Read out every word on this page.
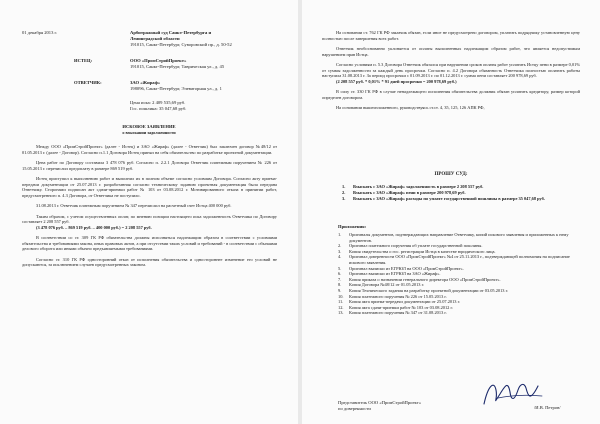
01 декабря 2013 г.	Арбитражный суд Санкт-Петербурга и
Ленинградской области
191015, Санкт-Петербург, Суворовский пр., д. 50-52
ИСТЕЦ:	ООО «ПромСтройПроект»
191015, Санкт-Петербург, Таврическая ул., д. 45
ОТВЕТЧИК:	ЗАО «Жираф»
198096, Санкт-Петербург, Элеваторная ул., д. 1
Цена иска: 2 409 535,69 руб.
Гос. пошлина: 35 047,68 руб.
ИСКОВОЕ ЗАЯВЛЕНИЕ
о взыскании задолженности

Между ООО «ПромСтройПроект» (далее - Истец) и ЗАО «Жираф» (далее - Ответчик) был заключен договор №48/12 от 01.05.2013 г. (далее - Договор). Согласно п.1.1 Договора Истец принял на себя обязательство по разработке проектной документации.

Цена работ по Договору составила 3 478 076 руб. Согласно п. 2.2.1 Договора Ответчик платежным поручением № 226 от 15.05.2013 г. перечислил предоплату в размере 869 519 руб.

Истец приступил к выполнению работ и выполнил их в полном объеме согласно условиям Договора. Согласно акту приема-передачи документации от 25.07.2013 г. разработанная согласно техническому заданию проектная документация была передана Ответчику. Сторонами подписан акт сдачи-приемки работ № 103 от 03.08.2012 г. Мотивированного отказа в принятии работ, предусмотренного п. 4.3 Договора, от Ответчика не поступило.

31.08.2013 г. Ответчик платежным поручением № 347 перечислил на расчетный счет Истца 400 000 руб.

Таким образом, с учетом осуществленных оплат, по мнению позиции настоящего иска задолженность Ответчика по Договору составляет 2 208 557 руб.

(3 478 076 руб. – 869 519 руб. – 400 000 руб.) = 2 208 557 руб.

В соответствии со ст. 309 ГК РФ обязательства должны исполняться надлежащим образом в соответствии с условиями обязательства и требованиями закона, иных правовых актов, а при отсутствии таких условий и требований - в соответствии с обычаями делового оборота или иными обычно предъявляемыми требованиями.

Согласно ст. 310 ГК РФ односторонний отказ от исполнения обязательства и одностороннее изменение его условий не допускаются, за исключением случаев предусмотренных законом.

На основании ст. 762 ГК РФ заказчик обязан, если иное не предусмотрено договором, уплатить подрядчику установленную цену полностью после завершения всех работ.

Ответчик необоснованно уклоняется от оплаты выполненных надлежащим образом работ, что является недопустимым нарушением прав Истца.

Согласно условиям п. 5.3 Договора Ответчик обязался при нарушении сроков оплаты работ уплатить Истцу пени в размере 0,01% от суммы задолженности за каждый день просрочки. Согласно п. 4.2 Договора обязанность Ответчика полностью оплатить работы наступила 31.08.2013 г. За период просрочки с 01.09.2013 г. по 01.12.2013 г. сумма пени составляет 200 978,69 руб.

(2 208 557 руб. * 0,01% * 91 дней просрочки = 200 978,69 руб.)

В силу ст. 330 ГК РФ в случае ненадлежащего исполнения обязательства должник обязан уплатить кредитору, размер которой определен договором.

На основании вышеизложенного, руководствуясь ст.ст. 4, 35, 125, 126 АПК РФ,

ПРОШУ СУД:
1. Взыскать с ЗАО «Жираф» задолженность в размере 2 208 557 руб.
2. Взыскать с ЗАО «Жираф» пени в размере 200 978,69 руб.
3. Взыскать с ЗАО «Жираф» расходы по уплате государственной пошлины в размере 35 047,68 руб.
Приложения:
1. Оригиналы документов, подтверждающих направление Ответчику, копий искового заявления и приложенных к нему документов.
2. Оригинал платежного поручения об уплате государственной пошлины.
3. Копия свидетельства о гос. регистрации Истца в качестве юридического лица.
4. Оригинал доверенности ООО «ПромСтройПроект» №4 от 25.11.2013 г., подтверждающей полномочия на подписание искового заявления.
5. Оригинал выписки из ЕГРЮЛ на ООО «ПромСтройПроект».
6. Оригинал выписки из ЕГРЮЛ на ЗАО «Жираф».
7. Копия приказа о назначении генерального директора ООО «ПромСтройПроект».
8. Копия Договора №48/12 от 01.05.2013 г.
9. Копия Технического задания на разработку проектной документации от 03.05.2013 г.
10. Копия платежного поручения № 226 от 15.05.2013 г.
11. Копия акта приема-передачи документации от 25.07.2013 г.
12. Копия акта сдачи-приемки работ № 103 от 03.08.2012 г.
13. Копия платежного поручения № 347 от 31.08.2013 г.
Представитель ООО «ПромСтройПроект»
по доверенности	/И.В. Петров/
